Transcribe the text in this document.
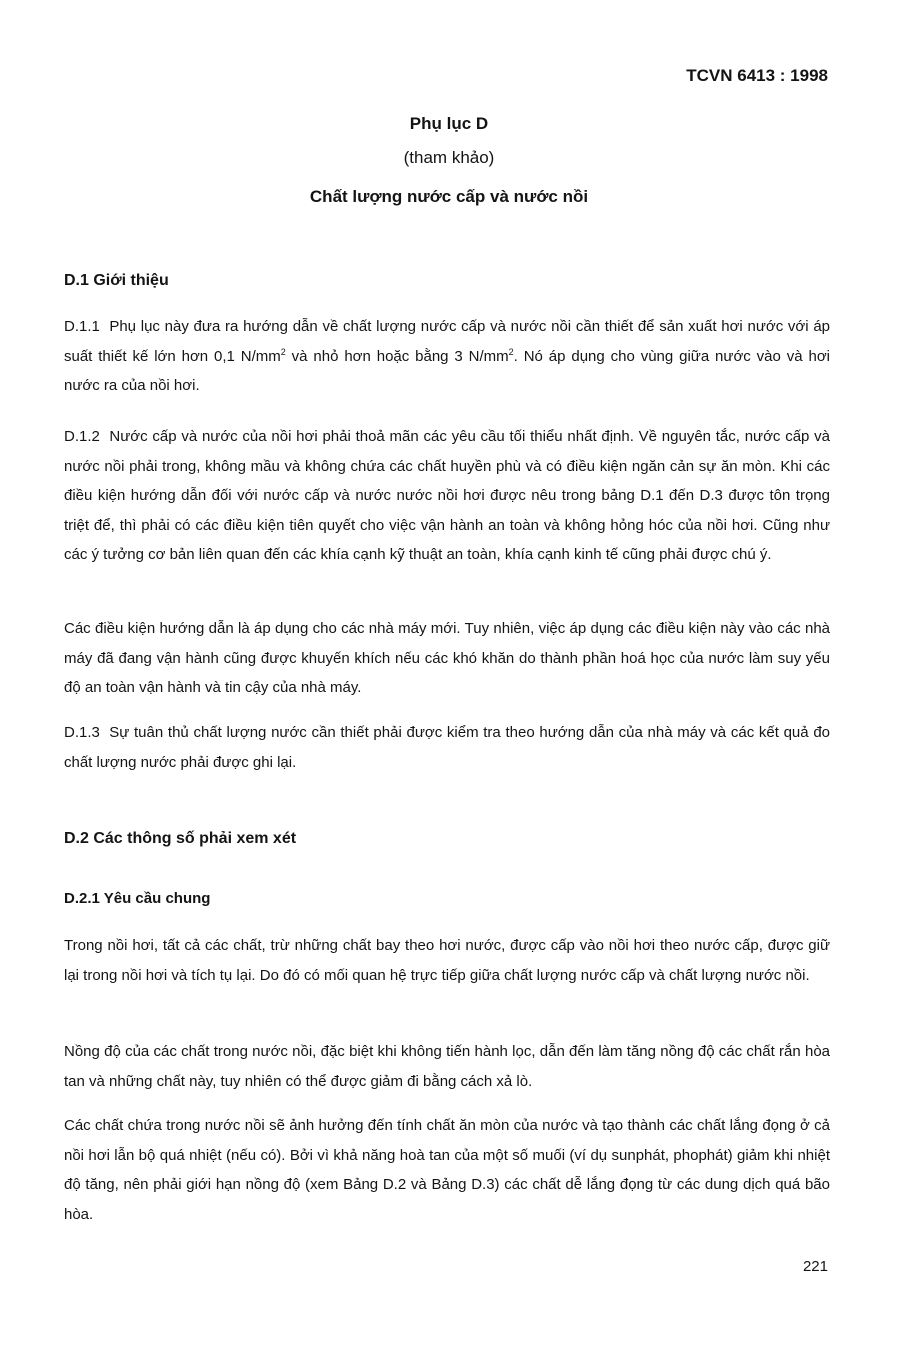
TCVN 6413 : 1998
Phụ lục D
(tham khảo)
Chất lượng nước cấp và nước nồi
D.1 Giới thiệu
D.1.1 Phụ lục này đưa ra hướng dẫn về chất lượng nước cấp và nước nồi cần thiết để sản xuất hơi nước với áp suất thiết kế lớn hơn 0,1 $N/mm^2$ và nhỏ hơn hoặc bằng 3 $N/mm^2$. Nó áp dụng cho vùng giữa nước vào và hơi nước ra của nồi hơi.
D.1.2 Nước cấp và nước của nồi hơi phải thoả mãn các yêu cầu tối thiểu nhất định. Về nguyên tắc, nước cấp và nước nồi phải trong, không mầu và không chứa các chất huyền phù và có điều kiện ngăn cản sự ăn mòn. Khi các điều kiện hướng dẫn đối với nước cấp và nước nước nồi hơi được nêu trong bảng D.1 đến D.3 được tôn trọng triệt để, thì phải có các điều kiện tiên quyết cho việc vận hành an toàn và không hỏng hóc của nồi hơi. Cũng như các ý tưởng cơ bản liên quan đến các khía cạnh kỹ thuật an toàn, khía cạnh kinh tế cũng phải được chú ý.
Các điều kiện hướng dẫn là áp dụng cho các nhà máy mới. Tuy nhiên, việc áp dụng các điều kiện này vào các nhà máy đã đang vận hành cũng được khuyến khích nếu các khó khăn do thành phần hoá học của nước làm suy yếu độ an toàn vận hành và tin cậy của nhà máy.
D.1.3 Sự tuân thủ chất lượng nước cần thiết phải được kiểm tra theo hướng dẫn của nhà máy và các kết quả đo chất lượng nước phải được ghi lại.
D.2 Các thông số phải xem xét
D.2.1 Yêu cầu chung
Trong nồi hơi, tất cả các chất, trừ những chất bay theo hơi nước, được cấp vào nồi hơi theo nước cấp, được giữ lại trong nồi hơi và tích tụ lại. Do đó có mối quan hệ trực tiếp giữa chất lượng nước cấp và chất lượng nước nồi.
Nồng độ của các chất trong nước nồi, đặc biệt khi không tiến hành lọc, dẫn đến làm tăng nồng độ các chất rắn hòa tan và những chất này, tuy nhiên có thể được giảm đi bằng cách xả lò.
Các chất chứa trong nước nồi sẽ ảnh hưởng đến tính chất ăn mòn của nước và tạo thành các chất lắng đọng ở cả nồi hơi lẫn bộ quá nhiệt (nếu có). Bởi vì khả năng hoà tan của một số muối (ví dụ sunphát, phophát) giảm khi nhiệt độ tăng, nên phải giới hạn nồng độ (xem Bảng D.2 và Bảng D.3) các chất dễ lắng đọng từ các dung dịch quá bão hòa.
221
